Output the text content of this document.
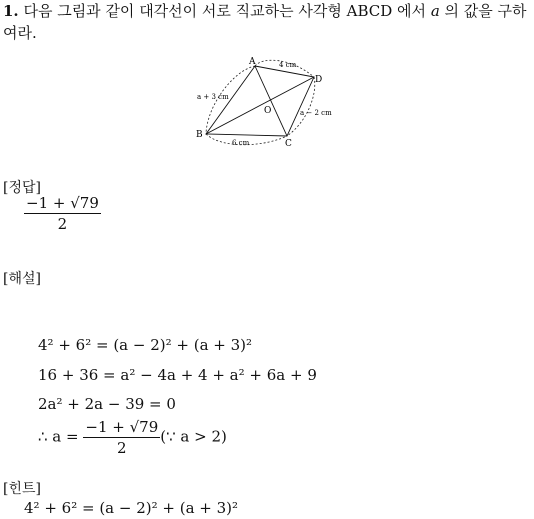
1. 다음 그림과 같이 대각선이 서로 직교하는 사각형 ABCD 에서 a 의 값을 구하여라.
A
B
C
D
O
4 cm
a + 3 cm
6 cm
a − 2 cm
[정답]
$\frac{-1 + √79}{2}$
[해설]
4² + 6² = (a − 2)² + (a + 3)²
16 + 36 = a² − 4a + 4 + a² + 6a + 9
2a² + 2a − 39 = 0
∴ $a = \frac{-1 + √79}{2}$ (∵ a > 2)
[힌트]
4² + 6² = (a − 2)² + (a + 3)²
